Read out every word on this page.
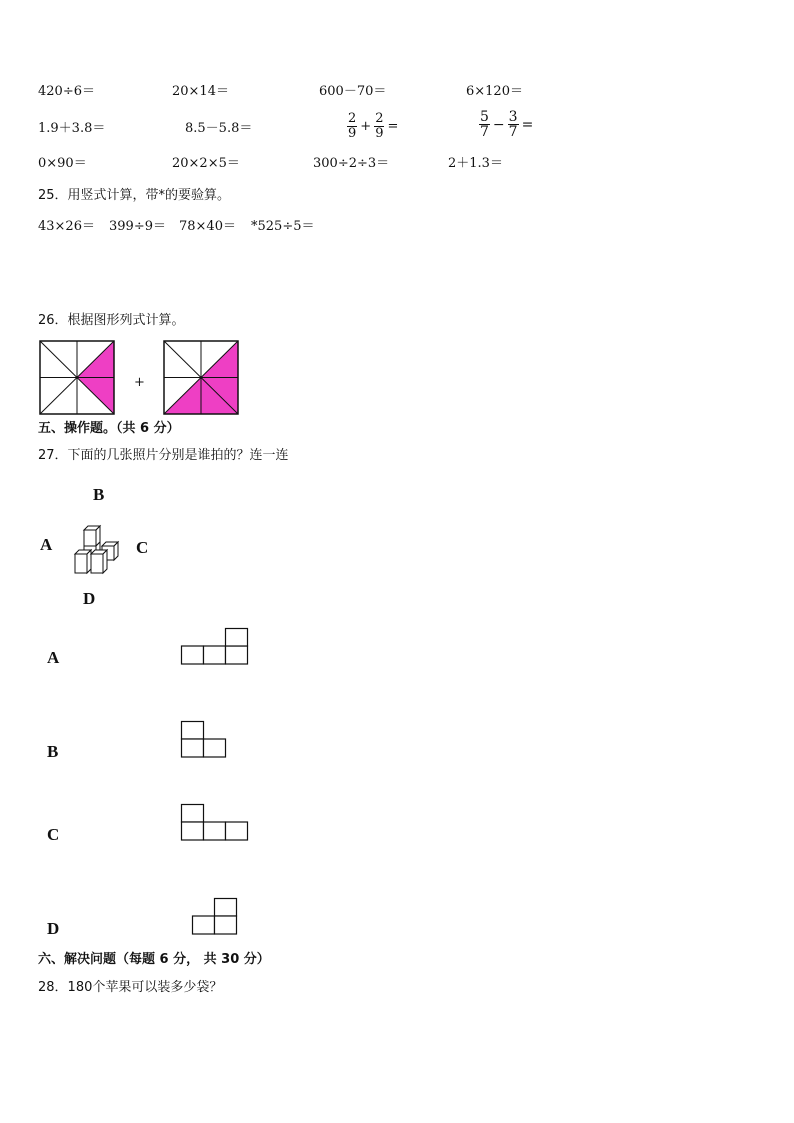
420÷6＝	20×14＝	600－70＝	6×120＝
1.9＋3.8＝	8.5－5.8＝	$\frac{2}{9} + \frac{2}{9}$ =	$\frac{5}{7} - \frac{3}{7}$ =
0×90＝	20×2×5＝	300÷2÷3＝	2＋1.3＝
25．用竖式计算，带*的要验算。
43×26＝ 399÷9＝ 78×40＝ *525÷5＝
26．根据图形列式计算。
+
五、操作题。（共 6 分）
27．下面的几张照片分别是谁拍的？连一连
B
A	C
D
A
B
C
D
六、解决问题（每题 6 分， 共 30 分）
28．180个苹果可以装多少袋？
